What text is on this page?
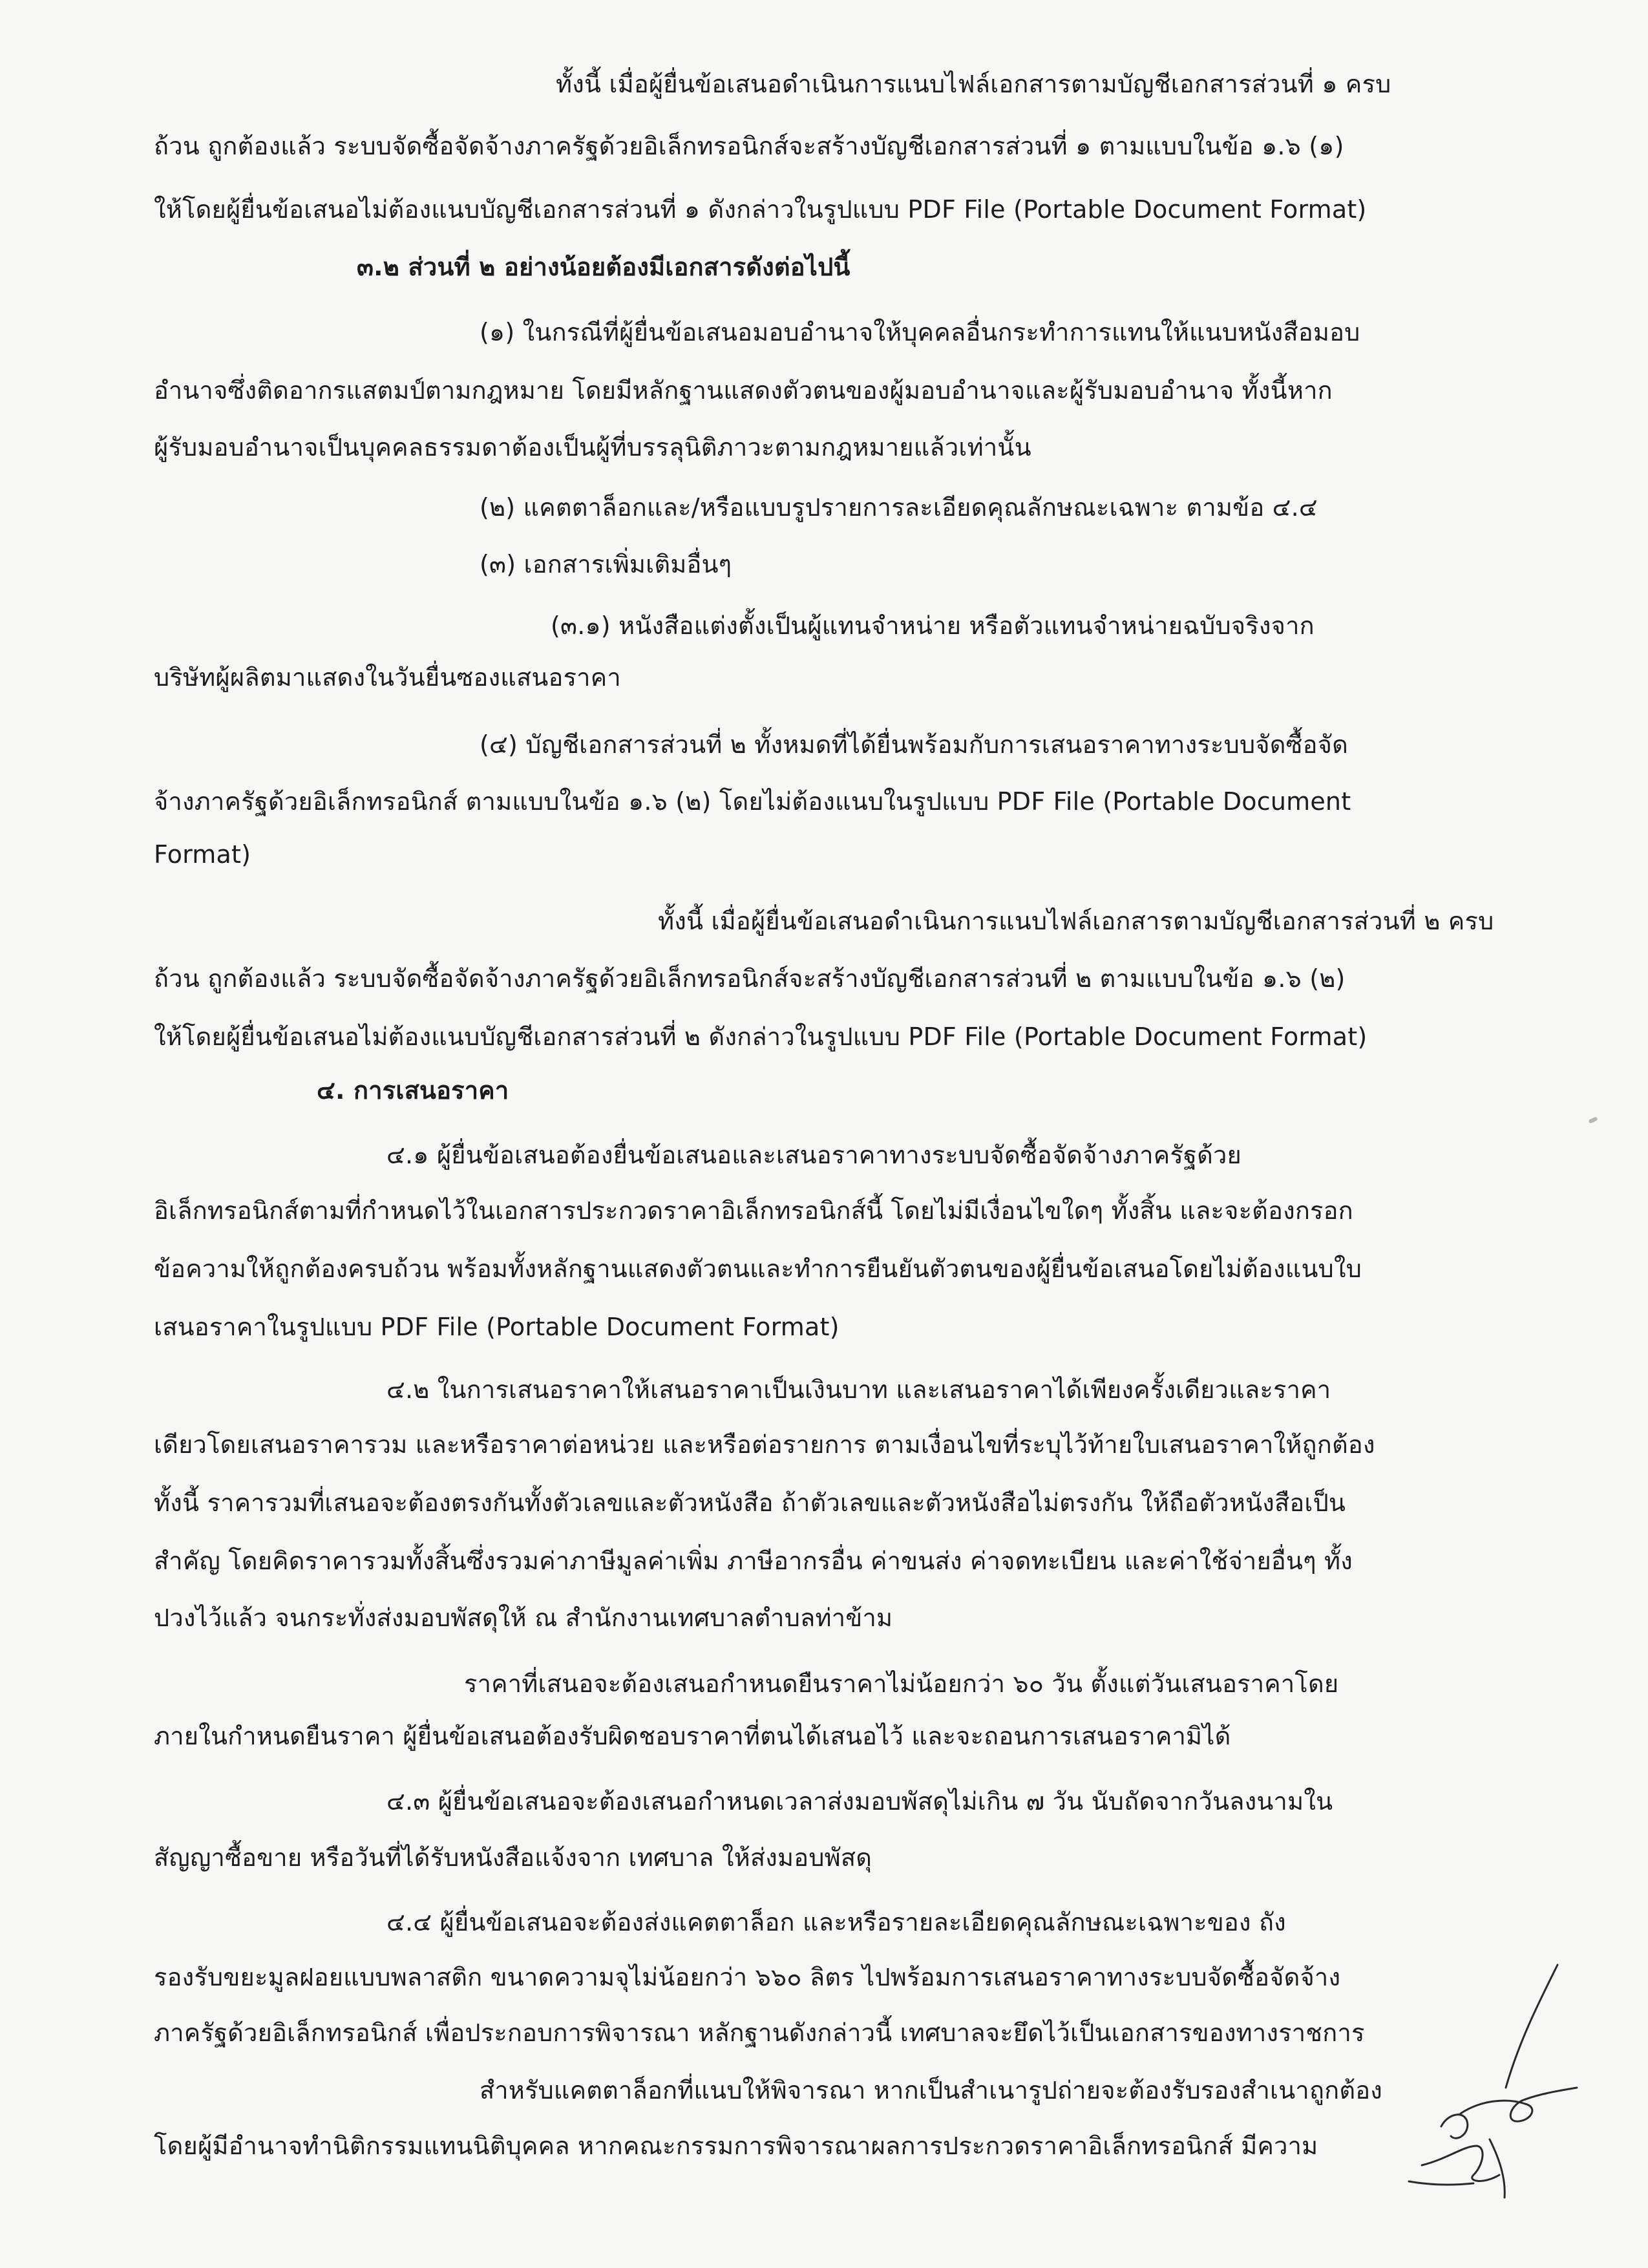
ทั้งนี้ เมื่อผู้ยื่นข้อเสนอดำเนินการแนบไฟล์เอกสารตามบัญชีเอกสารส่วนที่ ๑ ครบ
ถ้วน ถูกต้องแล้ว ระบบจัดซื้อจัดจ้างภาครัฐด้วยอิเล็กทรอนิกส์จะสร้างบัญชีเอกสารส่วนที่ ๑ ตามแบบในข้อ ๑.๖ (๑)
ให้โดยผู้ยื่นข้อเสนอไม่ต้องแนบบัญชีเอกสารส่วนที่ ๑ ดังกล่าวในรูปแบบ PDF File (Portable Document Format)
๓.๒ ส่วนที่ ๒ อย่างน้อยต้องมีเอกสารดังต่อไปนี้
(๑) ในกรณีที่ผู้ยื่นข้อเสนอมอบอำนาจให้บุคคลอื่นกระทำการแทนให้แนบหนังสือมอบ
อำนาจซึ่งติดอากรแสตมป์ตามกฎหมาย โดยมีหลักฐานแสดงตัวตนของผู้มอบอำนาจและผู้รับมอบอำนาจ ทั้งนี้หาก
ผู้รับมอบอำนาจเป็นบุคคลธรรมดาต้องเป็นผู้ที่บรรลุนิติภาวะตามกฎหมายแล้วเท่านั้น
(๒) แคตตาล็อกและ/หรือแบบรูปรายการละเอียดคุณลักษณะเฉพาะ ตามข้อ ๔.๔
(๓) เอกสารเพิ่มเติมอื่นๆ
(๓.๑) หนังสือแต่งตั้งเป็นผู้แทนจำหน่าย หรือตัวแทนจำหน่ายฉบับจริงจาก
บริษัทผู้ผลิตมาแสดงในวันยื่นซองแสนอราคา
(๔) บัญชีเอกสารส่วนที่ ๒ ทั้งหมดที่ได้ยื่นพร้อมกับการเสนอราคาทางระบบจัดซื้อจัด
จ้างภาครัฐด้วยอิเล็กทรอนิกส์ ตามแบบในข้อ ๑.๖ (๒) โดยไม่ต้องแนบในรูปแบบ PDF File (Portable Document
Format)
ทั้งนี้ เมื่อผู้ยื่นข้อเสนอดำเนินการแนบไฟล์เอกสารตามบัญชีเอกสารส่วนที่ ๒ ครบ
ถ้วน ถูกต้องแล้ว ระบบจัดซื้อจัดจ้างภาครัฐด้วยอิเล็กทรอนิกส์จะสร้างบัญชีเอกสารส่วนที่ ๒ ตามแบบในข้อ ๑.๖ (๒)
ให้โดยผู้ยื่นข้อเสนอไม่ต้องแนบบัญชีเอกสารส่วนที่ ๒ ดังกล่าวในรูปแบบ PDF File (Portable Document Format)
๔. การเสนอราคา
๔.๑ ผู้ยื่นข้อเสนอต้องยื่นข้อเสนอและเสนอราคาทางระบบจัดซื้อจัดจ้างภาครัฐด้วย
อิเล็กทรอนิกส์ตามที่กำหนดไว้ในเอกสารประกวดราคาอิเล็กทรอนิกส์นี้ โดยไม่มีเงื่อนไขใดๆ ทั้งสิ้น และจะต้องกรอก
ข้อความให้ถูกต้องครบถ้วน พร้อมทั้งหลักฐานแสดงตัวตนและทำการยืนยันตัวตนของผู้ยื่นข้อเสนอโดยไม่ต้องแนบใบ
เสนอราคาในรูปแบบ PDF File (Portable Document Format)
๔.๒ ในการเสนอราคาให้เสนอราคาเป็นเงินบาท และเสนอราคาได้เพียงครั้งเดียวและราคา
เดียวโดยเสนอราคารวม และหรือราคาต่อหน่วย และหรือต่อรายการ ตามเงื่อนไขที่ระบุไว้ท้ายใบเสนอราคาให้ถูกต้อง
ทั้งนี้ ราคารวมที่เสนอจะต้องตรงกันทั้งตัวเลขและตัวหนังสือ ถ้าตัวเลขและตัวหนังสือไม่ตรงกัน ให้ถือตัวหนังสือเป็น
สำคัญ โดยคิดราคารวมทั้งสิ้นซึ่งรวมค่าภาษีมูลค่าเพิ่ม ภาษีอากรอื่น ค่าขนส่ง ค่าจดทะเบียน และค่าใช้จ่ายอื่นๆ ทั้ง
ปวงไว้แล้ว จนกระทั่งส่งมอบพัสดุให้ ณ สำนักงานเทศบาลตำบลท่าข้าม
ราคาที่เสนอจะต้องเสนอกำหนดยืนราคาไม่น้อยกว่า ๖๐ วัน ตั้งแต่วันเสนอราคาโดย
ภายในกำหนดยืนราคา ผู้ยื่นข้อเสนอต้องรับผิดชอบราคาที่ตนได้เสนอไว้ และจะถอนการเสนอราคามิได้
๔.๓ ผู้ยื่นข้อเสนอจะต้องเสนอกำหนดเวลาส่งมอบพัสดุไม่เกิน ๗ วัน นับถัดจากวันลงนามใน
สัญญาซื้อขาย หรือวันที่ได้รับหนังสือแจ้งจาก เทศบาล ให้ส่งมอบพัสดุ
๔.๔ ผู้ยื่นข้อเสนอจะต้องส่งแคตตาล็อก และหรือรายละเอียดคุณลักษณะเฉพาะของ ถัง
รองรับขยะมูลฝอยแบบพลาสติก ขนาดความจุไม่น้อยกว่า ๖๖๐ ลิตร ไปพร้อมการเสนอราคาทางระบบจัดซื้อจัดจ้าง
ภาครัฐด้วยอิเล็กทรอนิกส์ เพื่อประกอบการพิจารณา หลักฐานดังกล่าวนี้ เทศบาลจะยึดไว้เป็นเอกสารของทางราชการ
สำหรับแคตตาล็อกที่แนบให้พิจารณา หากเป็นสำเนารูปถ่ายจะต้องรับรองสำเนาถูกต้อง
โดยผู้มีอำนาจทำนิติกรรมแทนนิติบุคคล หากคณะกรรมการพิจารณาผลการประกวดราคาอิเล็กทรอนิกส์ มีความ
